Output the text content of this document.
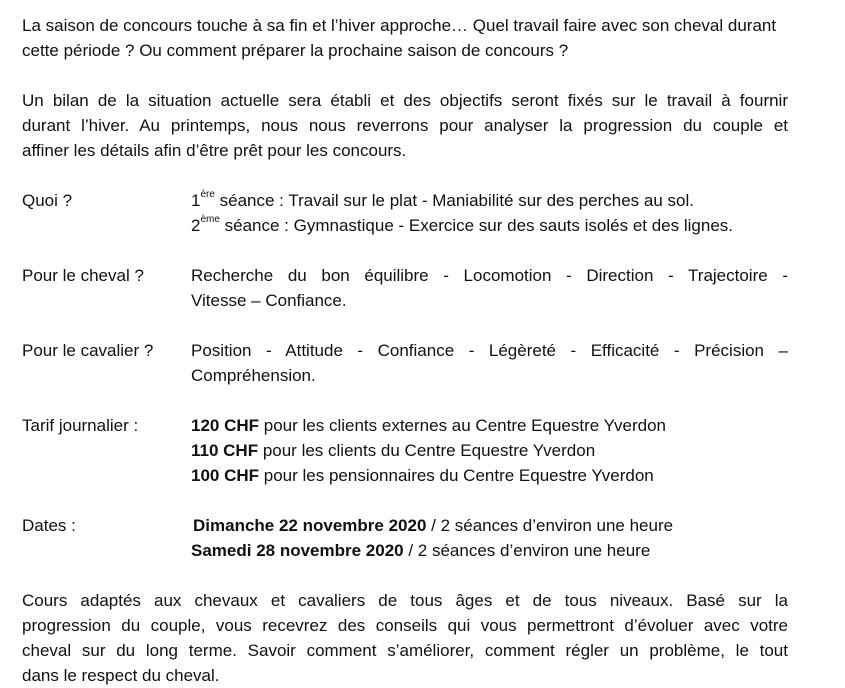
La saison de concours touche à sa fin et l’hiver approche… Quel travail faire avec son cheval durant cette période ? Ou comment préparer la prochaine saison de concours ?

Un bilan de la situation actuelle sera établi et des objectifs seront fixés sur le travail à fournir

durant l’hiver. Au printemps, nous nous reverrons pour analyser la progression du couple et

affiner les détails afin d’être prêt pour les concours.

Quoi ?	1ère séance : Travail sur le plat - Maniabilité sur des perches au sol.

2ème séance : Gymnastique - Exercice sur des sauts isolés et des lignes.

Pour le cheval ?	Recherche du bon équilibre - Locomotion - Direction - Trajectoire -

Vitesse – Confiance.

Pour le cavalier ?	Position - Attitude - Confiance - Légèreté - Efficacité - Précision –

Compréhension.

Tarif journalier :	120 CHF pour les clients externes au Centre Equestre Yverdon

110 CHF pour les clients du Centre Equestre Yverdon

100 CHF pour les pensionnaires du Centre Equestre Yverdon

Dates :	Dimanche 22 novembre 2020 / 2 séances d’environ une heure

Samedi 28 novembre 2020 / 2 séances d’environ une heure

Cours adaptés aux chevaux et cavaliers de tous âges et de tous niveaux. Basé sur la

progression du couple, vous recevrez des conseils qui vous permettront d’évoluer avec votre

cheval sur du long terme. Savoir comment s’améliorer, comment régler un problème, le tout

dans le respect du cheval.
